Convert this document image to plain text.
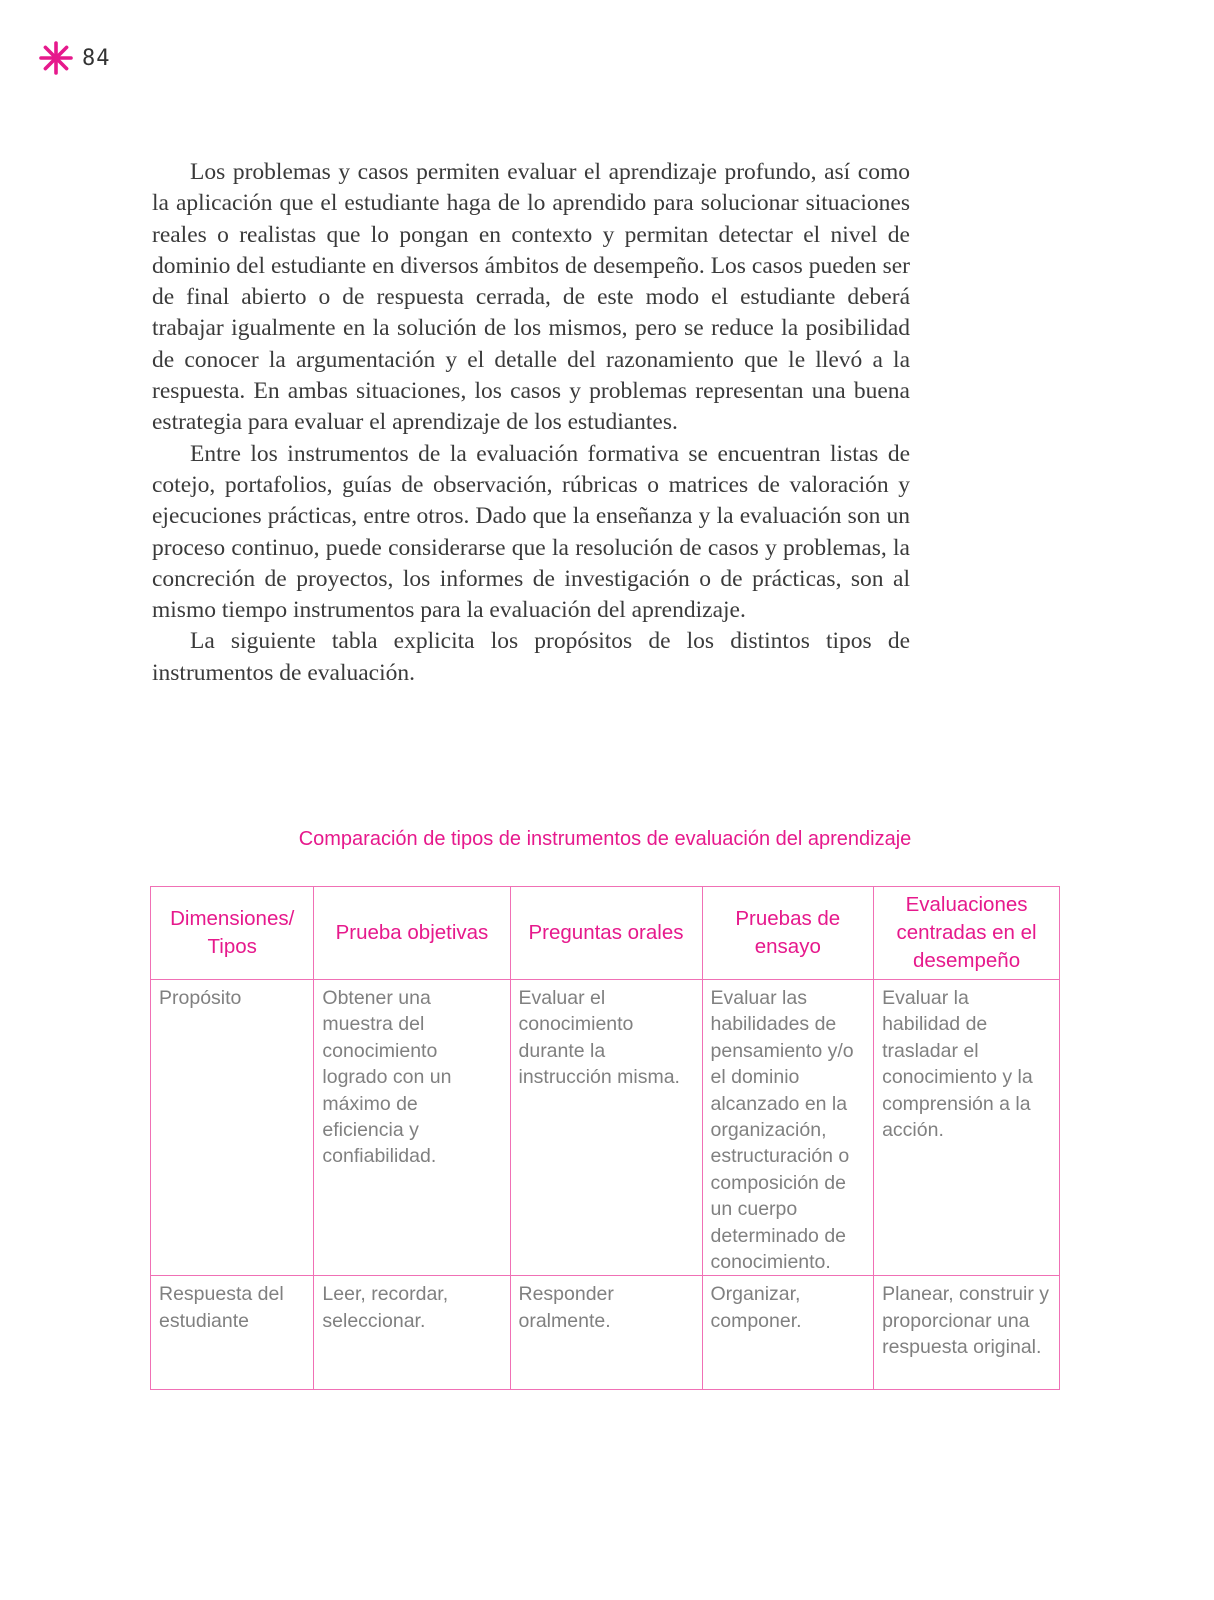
84

Los problemas y casos permiten evaluar el aprendizaje profundo, así como la aplicación que el estudiante haga de lo aprendido para solucionar situaciones reales o realistas que lo pongan en contexto y permitan detectar el nivel de dominio del estudiante en diversos ámbitos de desempeño. Los casos pueden ser de final abierto o de respuesta cerrada, de este modo el estudiante deberá trabajar igualmente en la solución de los mismos, pero se reduce la posibilidad de conocer la argumentación y el detalle del razonamiento que le llevó a la respuesta. En ambas situaciones, los casos y problemas representan una buena estrategia para evaluar el aprendizaje de los estudiantes.

Entre los instrumentos de la evaluación formativa se encuentran listas de cotejo, portafolios, guías de observación, rúbricas o matrices de valoración y ejecuciones prácticas, entre otros. Dado que la enseñanza y la evaluación son un proceso continuo, puede considerarse que la resolución de casos y problemas, la concreción de proyectos, los informes de investigación o de prácticas, son al mismo tiempo instrumentos para la evaluación del aprendizaje.

La siguiente tabla explicita los propósitos de los distintos tipos de instrumentos de evaluación.

Comparación de tipos de instrumentos de evaluación del aprendizaje
Dimensiones/ Tipos	Prueba objetivas	Preguntas orales	Pruebas de ensayo	Evaluaciones centradas en el desempeño
Propósito	Obtener una muestra del conocimiento logrado con un máximo de eficiencia y confiabilidad.	Evaluar el conocimiento durante la instrucción misma.	Evaluar las habilidades de pensamiento y/o el dominio alcanzado en la organización, estructuración o composición de un cuerpo determinado de conocimiento.	Evaluar la habilidad de trasladar el conocimiento y la comprensión a la acción.
Respuesta del estudiante	Leer, recordar, seleccionar.	Responder oralmente.	Organizar, componer.	Planear, construir y proporcionar una respuesta original.
